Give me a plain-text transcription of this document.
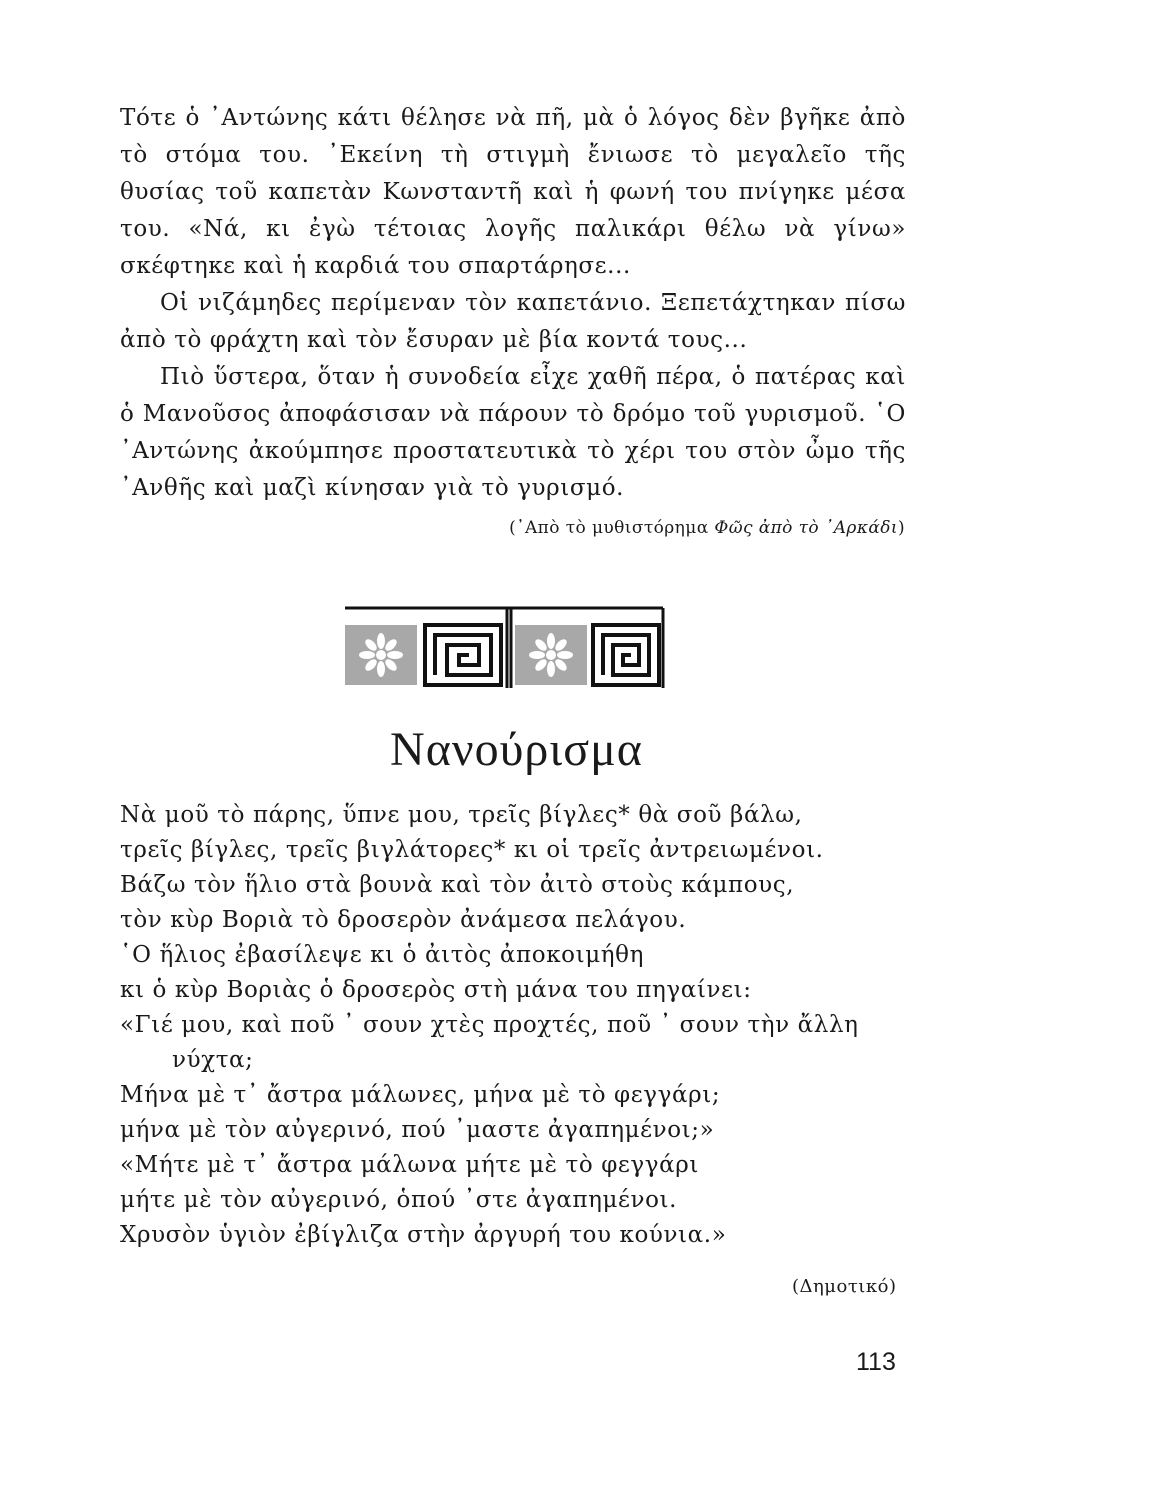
Τότε ὁ ᾿Αντώνης κάτι θέλησε νὰ πῆ, μὰ ὁ λόγος δὲν βγῆκε ἀπὸ τὸ στόμα του. ᾿Εκείνη τὴ στιγμὴ ἔνιωσε τὸ μεγαλεῖο τῆς θυσίας τοῦ καπετὰν Κωνσταντῆ καὶ ἡ φωνή του πνίγηκε μέσα του. «Νά, κι ἐγὼ τέτοιας λογῆς παλικάρι θέλω νὰ γίνω» σκέφτηκε καὶ ἡ καρδιά του σπαρτάρησε...

Οἱ νιζάμηδες περίμεναν τὸν καπετάνιο. Ξεπετάχτηκαν πίσω ἀπὸ τὸ φράχτη καὶ τὸν ἔσυραν μὲ βία κοντά τους...

Πιὸ ὕστερα, ὅταν ἡ συνοδεία εἶχε χαθῆ πέρα, ὁ πατέρας καὶ ὁ Μανοῦσος ἀποφάσισαν νὰ πάρουν τὸ δρόμο τοῦ γυρισμοῦ. ῾Ο ᾿Αντώνης ἀκούμπησε προστατευτικὰ τὸ χέρι του στὸν ὦμο τῆς ᾿Ανθῆς καὶ μαζὶ κίνησαν γιὰ τὸ γυρισμό.

(᾿Απὸ τὸ μυθιστόρημα Φῶς ἀπὸ τὸ ᾿Αρκάδι)
Νανούρισμα
Νὰ μοῦ τὸ πάρης, ὕπνε μου, τρεῖς βίγλες* θὰ σοῦ βάλω,
τρεῖς βίγλες, τρεῖς βιγλάτορες* κι οἱ τρεῖς ἀντρειωμένοι.
Βάζω τὸν ἥλιο στὰ βουνὰ καὶ τὸν ἀιτὸ στοὺς κάμπους,
τὸν κὺρ Βοριὰ τὸ δροσερὸν ἀνάμεσα πελάγου.
῾Ο ἥλιος ἐβασίλεψε κι ὁ ἀιτὸς ἀποκοιμήθη
κι ὁ κὺρ Βοριὰς ὁ δροσερὸς στὴ μάνα του πηγαίνει:
«Γιέ μου, καὶ ποῦ ᾿ σουν χτὲς προχτές, ποῦ ᾿ σουν τὴν ἄλλη
νύχτα;
Μήνα μὲ τ᾿ ἄστρα μάλωνες, μήνα μὲ τὸ φεγγάρι;
μήνα μὲ τὸν αὐγερινό, πού ᾿μαστε ἀγαπημένοι;»
«Μήτε μὲ τ᾿ ἄστρα μάλωνα μήτε μὲ τὸ φεγγάρι
μήτε μὲ τὸν αὐγερινό, ὁπού ᾿στε ἀγαπημένοι.
Χρυσὸν ὑγιὸν ἐβίγλιζα στὴν ἀργυρή του κούνια.»
(Δημοτικό)
113
